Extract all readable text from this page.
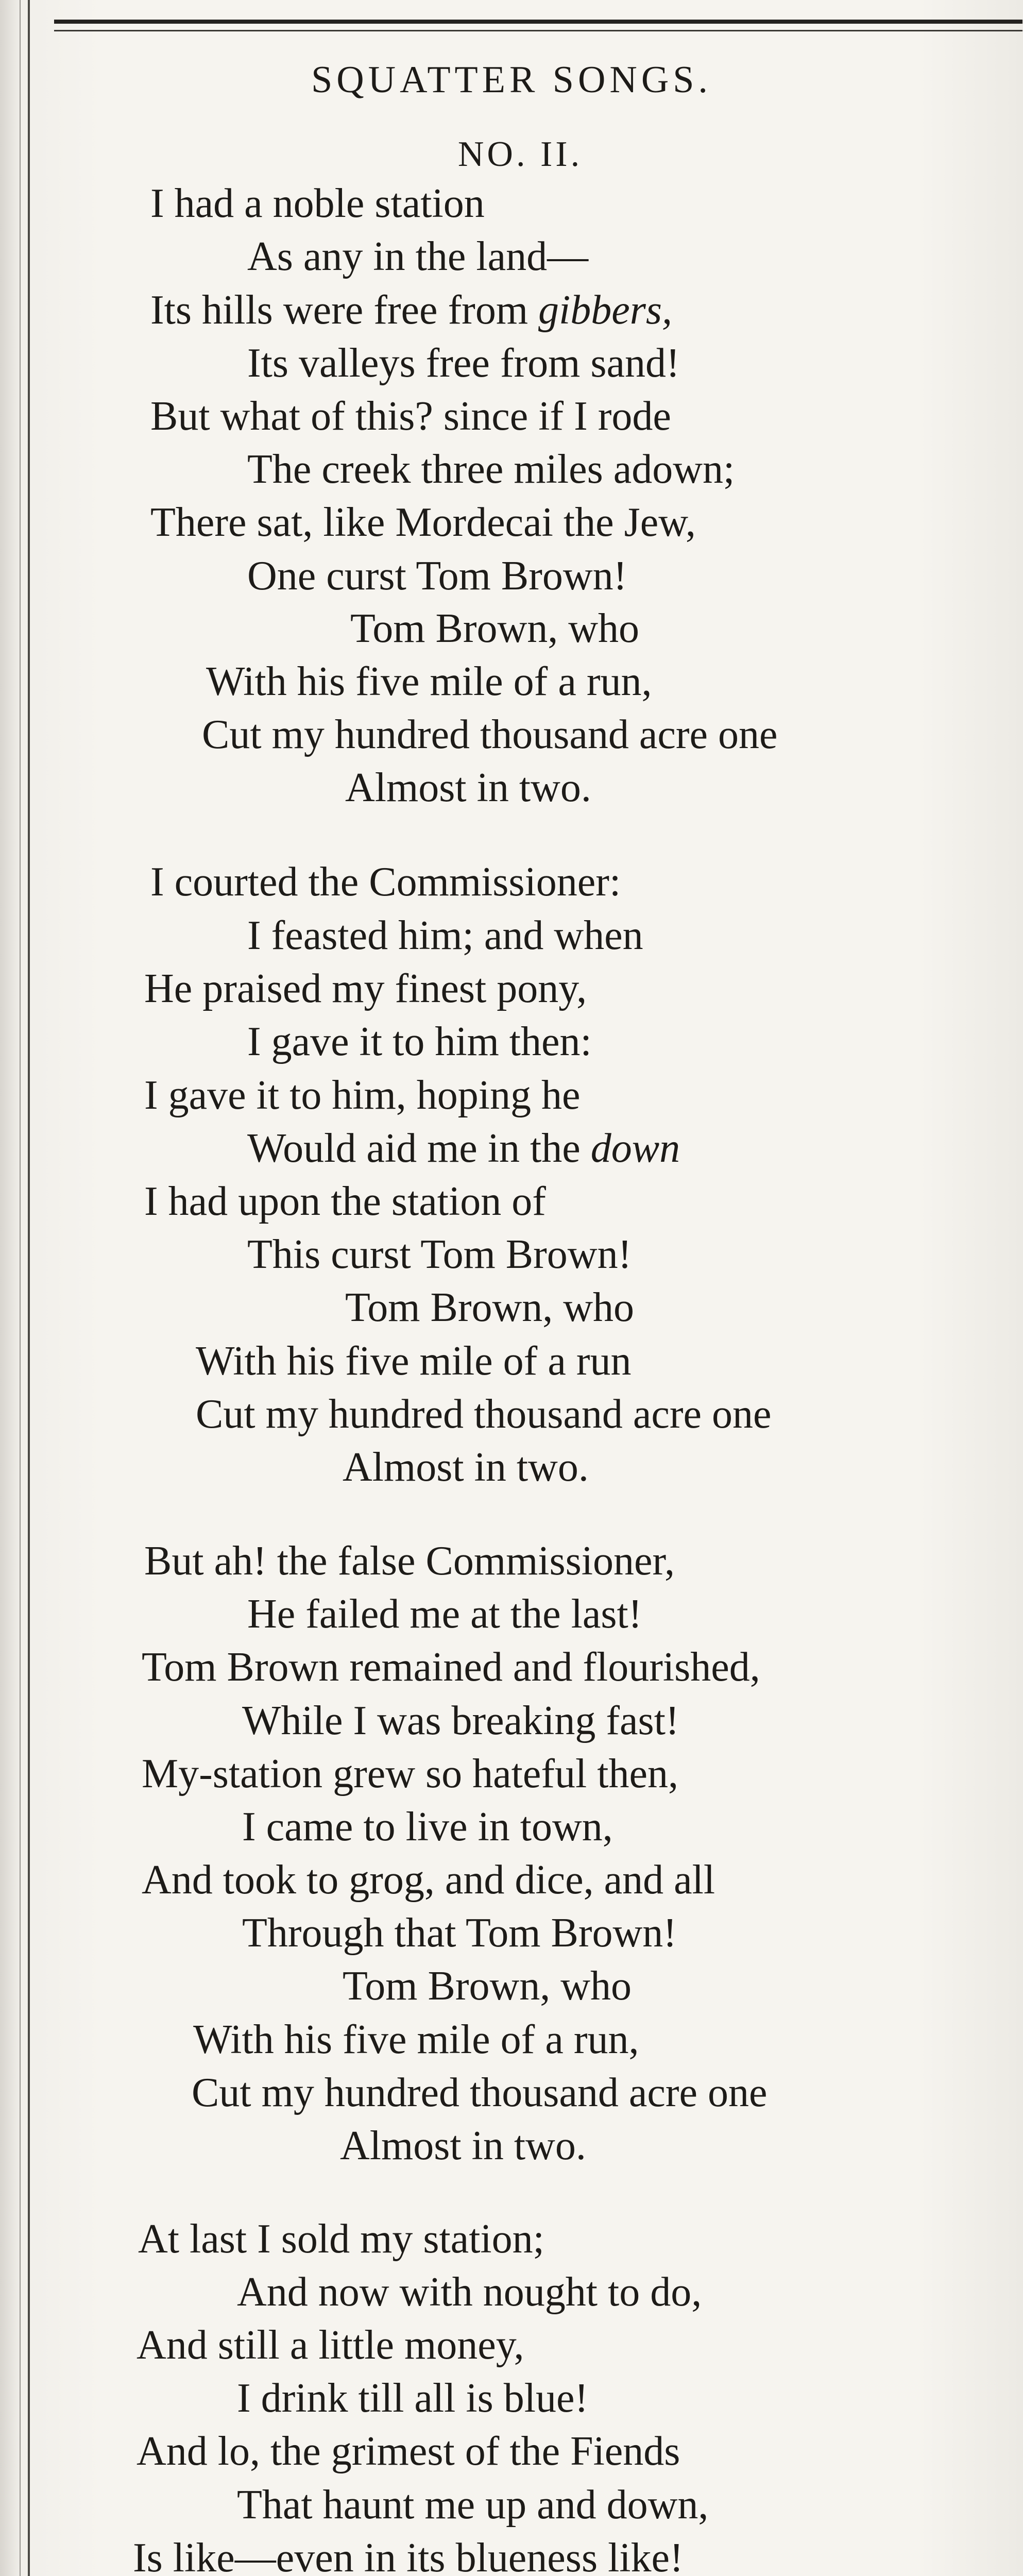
SQUATTER SONGS.
NO. II.
I had a noble station
As any in the land—
Its hills were free from gibbers,
Its valleys free from sand!
But what of this? since if I rode
The creek three miles adown;
There sat, like Mordecai the Jew,
One curst Tom Brown!
Tom Brown, who
With his five mile of a run,
Cut my hundred thousand acre one
Almost in two.
I courted the Commissioner:
I feasted him; and when
He praised my finest pony,
I gave it to him then:
I gave it to him, hoping he
Would aid me in the down
I had upon the station of
This curst Tom Brown!
Tom Brown, who
With his five mile of a run
Cut my hundred thousand acre one
Almost in two.
But ah! the false Commissioner,
He failed me at the last!
Tom Brown remained and flourished,
While I was breaking fast!
My-station grew so hateful then,
I came to live in town,
And took to grog, and dice, and all
Through that Tom Brown!
Tom Brown, who
With his five mile of a run,
Cut my hundred thousand acre one
Almost in two.
At last I sold my station;
And now with nought to do,
And still a little money,
I drink till all is blue!
And lo, the grimest of the Fiends
That haunt me up and down,
Is like—even in its blueness like!
